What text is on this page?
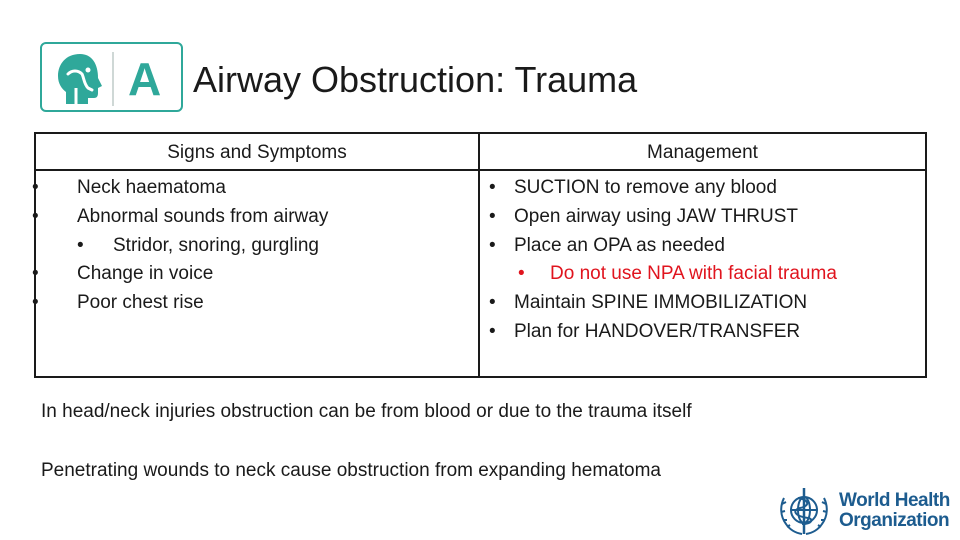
A Airway Obstruction: Trauma
Signs and Symptoms	Management
• Neck haematoma
• Abnormal sounds from airway
• Stridor, snoring, gurgling
• Change in voice
• Poor chest rise
• SUCTION to remove any blood
• Open airway using JAW THRUST
• Place an OPA as needed
• Do not use NPA with facial trauma
• Maintain SPINE IMMOBILIZATION
• Plan for HANDOVER/TRANSFER
In head/neck injuries obstruction can be from blood or due to the trauma itself
Penetrating wounds to neck cause obstruction from expanding hematoma
World Health
Organization
